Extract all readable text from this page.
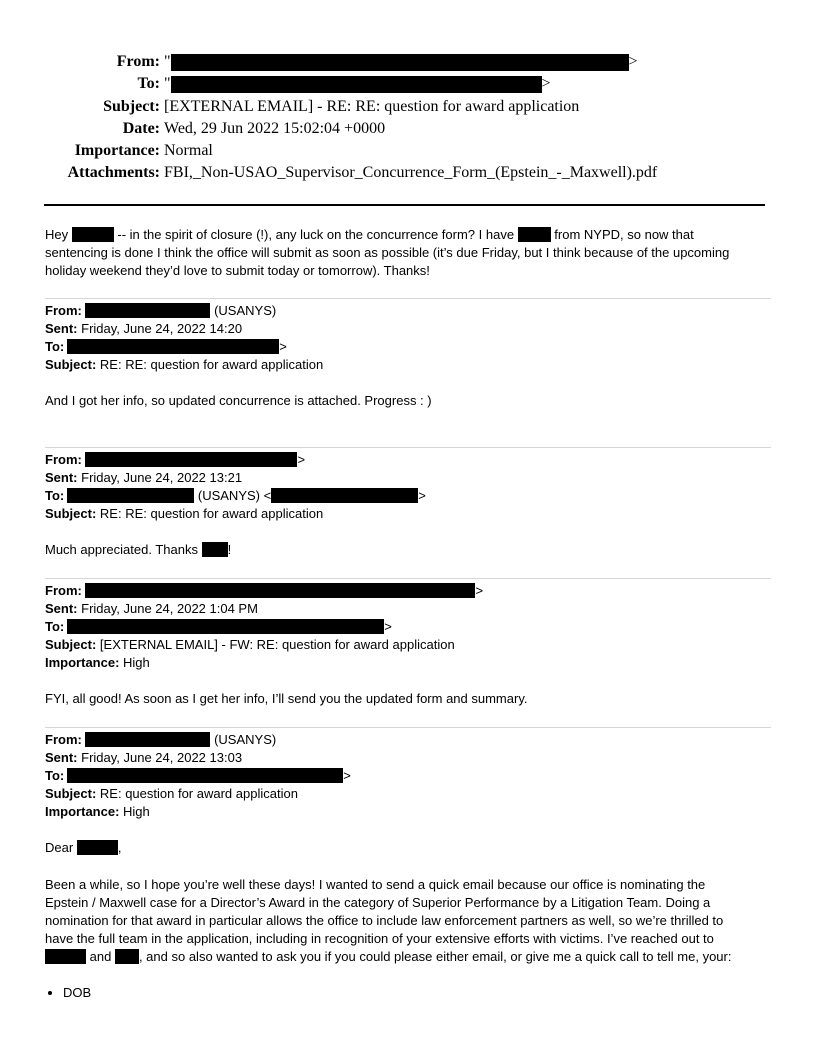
From: "	>
To: "	>
Subject: [EXTERNAL EMAIL] - RE: RE: question for award application
Date: Wed, 29 Jun 2022 15:02:04 +0000
Importance: Normal
Attachments: FBI,_Non-USAO_Supervisor_Concurrence_Form_(Epstein_-_Maxwell).pdf
Hey	-- in the spirit of closure (!), any luck on the concurrence form? I have	from NYPD, so now that
sentencing is done I think the office will submit as soon as possible (it’s due Friday, but I think because of the upcoming
holiday weekend they’d love to submit today or tomorrow). Thanks!
From:	(USANYS)
Sent: Friday, June 24, 2022 14:20
To:	>
Subject: RE: RE: question for award application
And I got her info, so updated concurrence is attached. Progress : )
From:	>
Sent: Friday, June 24, 2022 13:21
To:	(USANYS) <	>
Subject: RE: RE: question for award application
Much appreciated. Thanks !
From:	>
Sent: Friday, June 24, 2022 1:04 PM
To:	>
Subject: [EXTERNAL EMAIL] - FW: RE: question for award application
Importance: High
FYI, all good! As soon as I get her info, I’ll send you the updated form and summary.
From:	(USANYS)
Sent: Friday, June 24, 2022 13:03
To:	>
Subject: RE: question for award application
Importance: High
Dear	,
Been a while, so I hope you’re well these days! I wanted to send a quick email because our office is nominating the
Epstein / Maxwell case for a Director’s Award in the category of Superior Performance by a Litigation Team. Doing a
nomination for that award in particular allows the office to include law enforcement partners as well, so we’re thrilled to
have the full team in the application, including in recognition of your extensive efforts with victims. I’ve reached out to
and , and so also wanted to ask you if you could please either email, or give me a quick call to tell me, your:
• DOB
